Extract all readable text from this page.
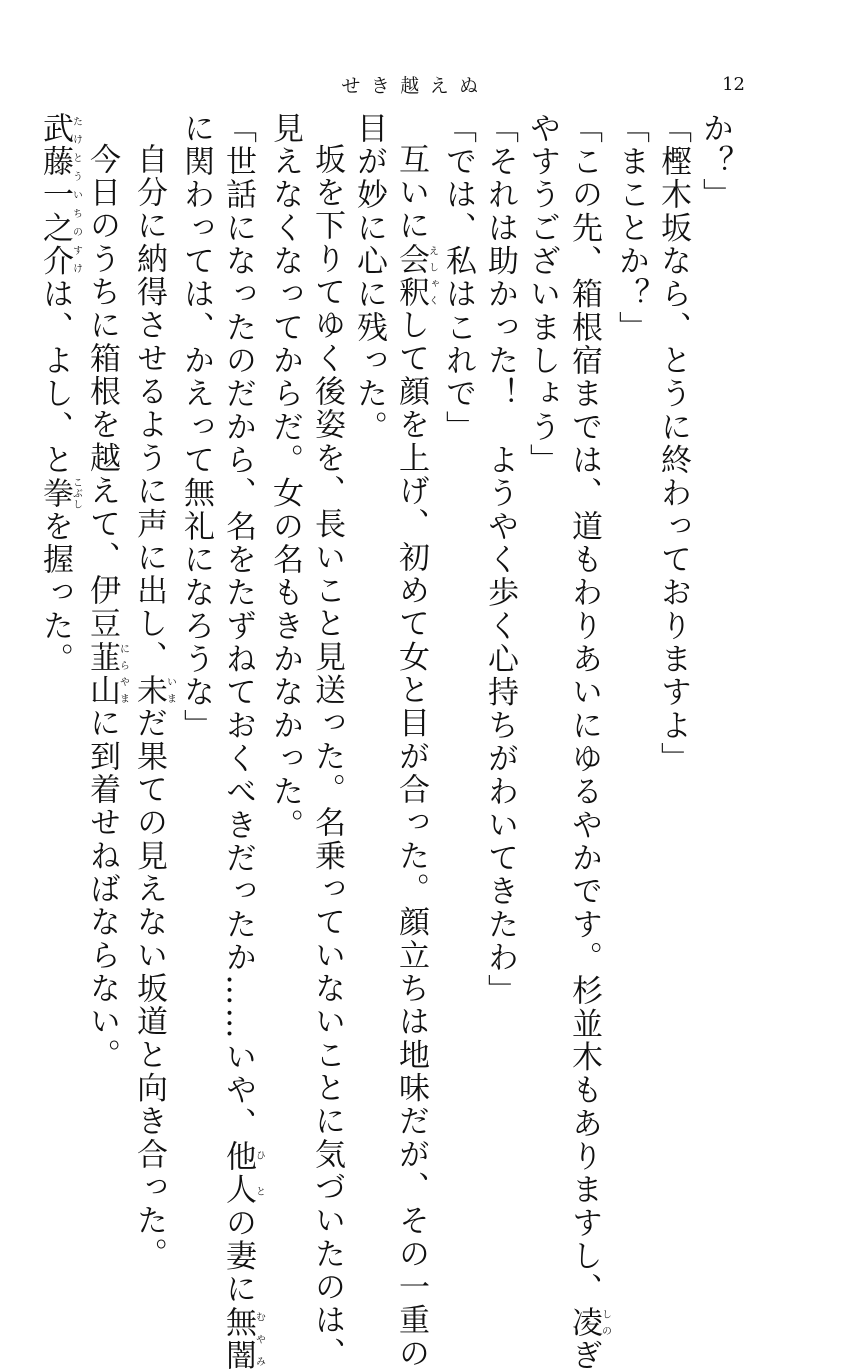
せき越えぬ	12
か？」
「樫木坂なら、とうに終わっておりますよ」
「まことか？」
「この先、箱根宿までは、道もわりあいにゆるやかです。杉並木もありますし、凌しのぎ
やすうございましょう」
「それは助かった！　ようやく歩く心持ちがわいてきたわ」
「では、私はこれで」
互いに会釈えしゃくして顔を上げ、初めて女と目が合った。顔立ちは地味だが、その一重の
目が妙に心に残った。
坂を下りてゆく後姿を、長いこと見送った。名乗っていないことに気づいたのは、
見えなくなってからだ。女の名もきかなかった。
「世話になったのだから、名をたずねておくべきだったか……いや、他人ひとの妻に無闇むやみ
に関わっては、かえって無礼になろうな」
自分に納得させるように声に出し、未いまだ果ての見えない坂道と向き合った。
今日のうちに箱根を越えて、伊豆韮山にらやまに到着せねばならない。
武藤一之介たけとういちのすけは、よし、と拳こぶしを握った。
